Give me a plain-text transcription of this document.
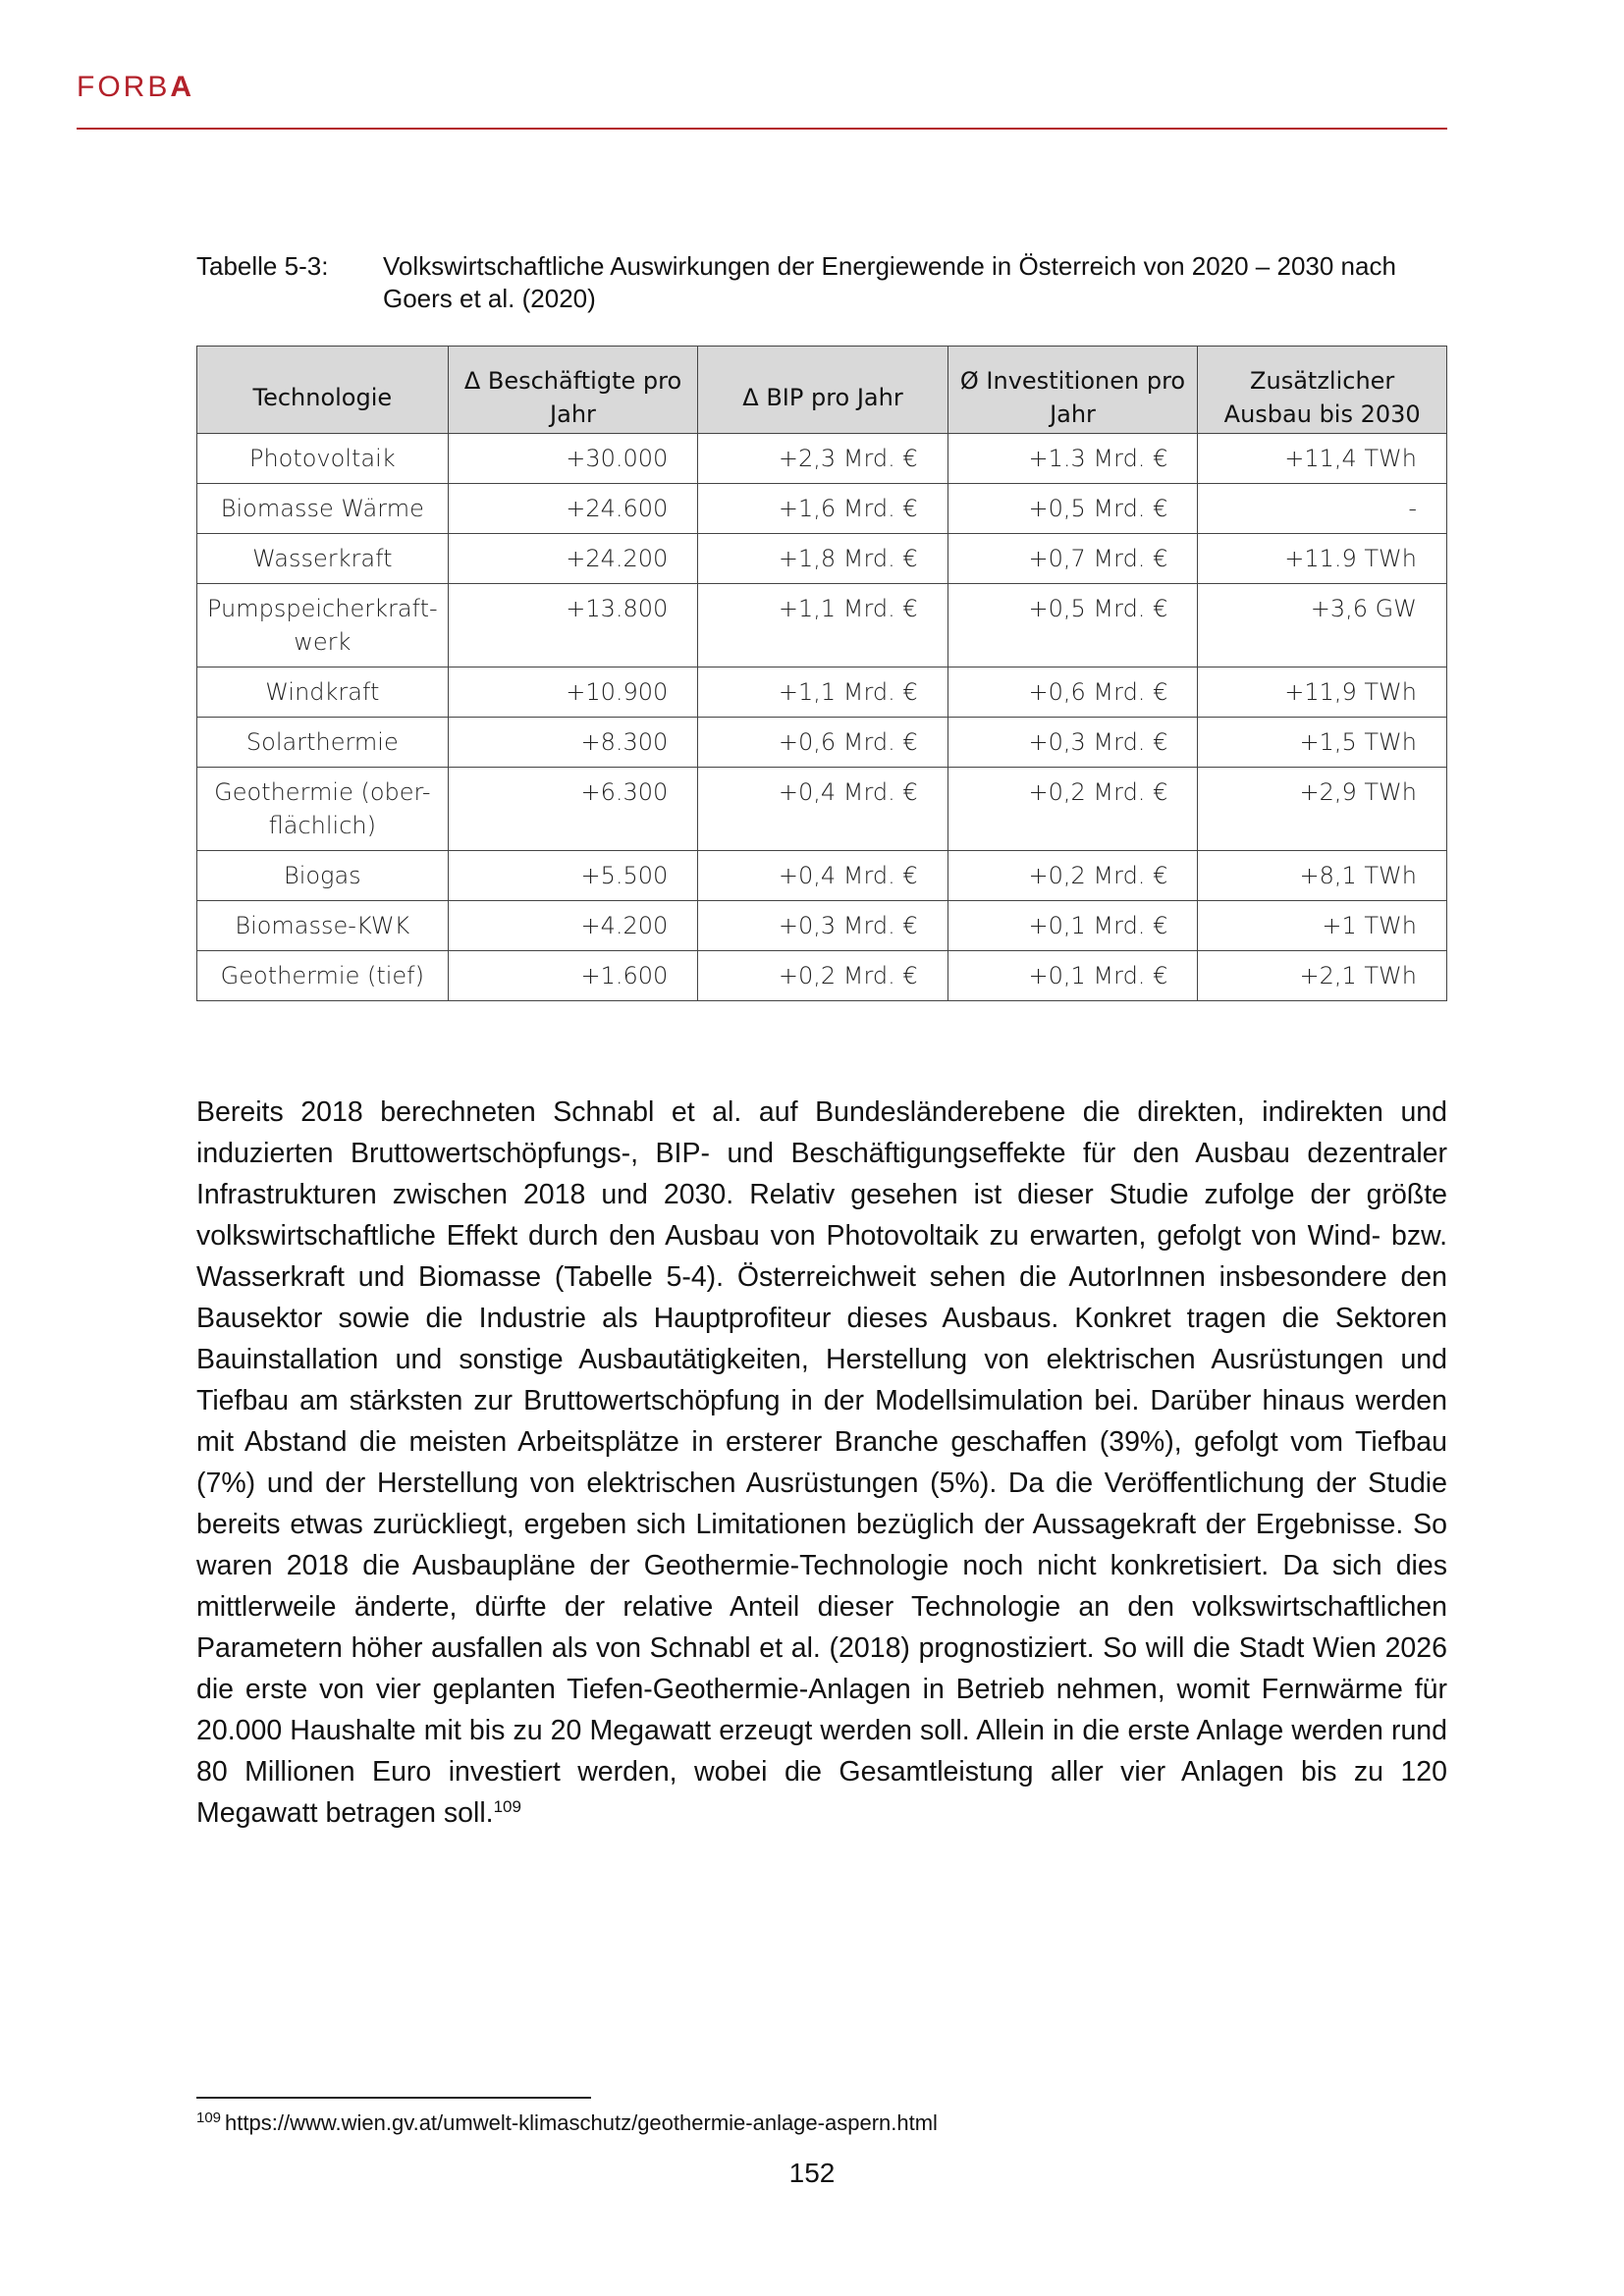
FORBA
Tabelle 5-3:	Volkswirtschaftliche Auswirkungen der Energiewende in Österreich von 2020 – 2030 nach Goers et al. (2020)
Technologie	Δ Beschäftigte pro Jahr	Δ BIP pro Jahr	Ø Investitionen pro Jahr	Zusätzlicher Ausbau bis 2030
Photovoltaik	+30.000	+2,3 Mrd. €	+1.3 Mrd. €	+11,4 TWh
Biomasse Wärme	+24.600	+1,6 Mrd. €	+0,5 Mrd. €	-
Wasserkraft	+24.200	+1,8 Mrd. €	+0,7 Mrd. €	+11.9 TWh
Pumpspeicherkraft-werk	+13.800	+1,1 Mrd. €	+0,5 Mrd. €	+3,6 GW
Windkraft	+10.900	+1,1 Mrd. €	+0,6 Mrd. €	+11,9 TWh
Solarthermie	+8.300	+0,6 Mrd. €	+0,3 Mrd. €	+1,5 TWh
Geothermie (ober-flächlich)	+6.300	+0,4 Mrd. €	+0,2 Mrd. €	+2,9 TWh
Biogas	+5.500	+0,4 Mrd. €	+0,2 Mrd. €	+8,1 TWh
Biomasse-KWK	+4.200	+0,3 Mrd. €	+0,1 Mrd. €	+1 TWh
Geothermie (tief)	+1.600	+0,2 Mrd. €	+0,1 Mrd. €	+2,1 TWh
Bereits 2018 berechneten Schnabl et al. auf Bundesländerebene die direkten, indirekten und induzierten Bruttowertschöpfungs-, BIP- und Beschäftigungseffekte für den Ausbau dezentraler Infrastrukturen zwischen 2018 und 2030. Relativ gesehen ist dieser Studie zufolge der größte volkswirtschaftliche Effekt durch den Ausbau von Photovoltaik zu erwarten, gefolgt von Wind- bzw. Wasserkraft und Biomasse (Tabelle 5-4). Österreichweit sehen die AutorInnen insbesondere den Bausektor sowie die Industrie als Hauptprofiteur dieses Ausbaus. Konkret tragen die Sektoren Bauinstallation und sonstige Ausbautätigkeiten, Herstellung von elektrischen Ausrüstungen und Tiefbau am stärksten zur Bruttowertschöpfung in der Modellsimulation bei. Darüber hinaus werden mit Abstand die meisten Arbeitsplätze in ersterer Branche geschaffen (39%), gefolgt vom Tiefbau (7%) und der Herstellung von elektrischen Ausrüstungen (5%). Da die Veröffentlichung der Studie bereits etwas zurückliegt, ergeben sich Limitationen bezüglich der Aussagekraft der Ergebnisse. So waren 2018 die Ausbaupläne der Geothermie-Technologie noch nicht konkretisiert. Da sich dies mittlerweile änderte, dürfte der relative Anteil dieser Technologie an den volkswirtschaftlichen Parametern höher ausfallen als von Schnabl et al. (2018) prognostiziert. So will die Stadt Wien 2026 die erste von vier geplanten Tiefen-Geothermie-Anlagen in Betrieb nehmen, womit Fernwärme für 20.000 Haushalte mit bis zu 20 Megawatt erzeugt werden soll. Allein in die erste Anlage werden rund 80 Millionen Euro investiert werden, wobei die Gesamtleistung aller vier Anlagen bis zu 120 Megawatt betragen soll.$^{109}$
$^{109}$ https://www.wien.gv.at/umwelt-klimaschutz/geothermie-anlage-aspern.html
152
